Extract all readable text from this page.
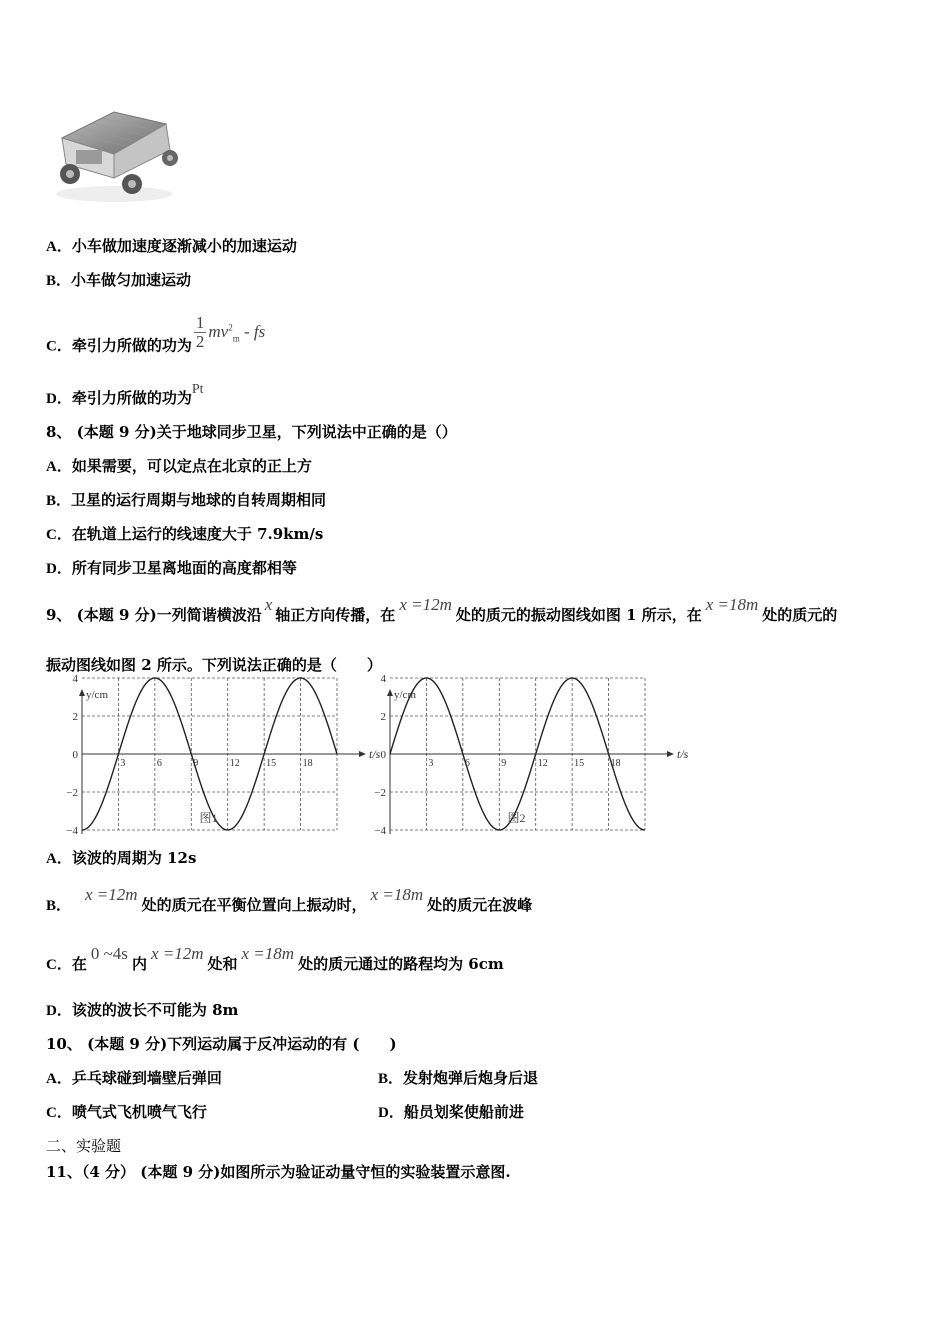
A．小车做加速度逐渐减小的加速运动
B．小车做匀加速运动
C．牵引力所做的功为 $\frac{1}{2} mv^2_m$ - fs
D．牵引力所做的功为Pt
8、 (本题 9 分)关于地球同步卫星，下列说法中正确的是（）
A．如果需要，可以定点在北京的正上方
B．卫星的运行周期与地球的自转周期相同
C．在轨道上运行的线速度大于 7.9km/s
D．所有同步卫星离地面的高度都相等
9、 (本题 9 分)一列简谐横波沿x轴正方向传播，在x =12m处的质元的振动图线如图 1 所示，在x =18m处的质元的
振动图线如图 2 所示。下列说法正确的是（　　）
y/cm
4
2
0
−2
−4
3	6	9	12	15	18
t/s
图1
y/cm
4
2
0
−2
−4
3	6	9	12	15	18
t/s
图2
A．该波的周期为 12s
B．x =12m处的质元在平衡位置向上振动时，x =18m处的质元在波峰
C．在0 ~4s内x =12m处和x =18m处的质元通过的路程均为 6cm
D．该波的波长不可能为 8m
10、 (本题 9 分)下列运动属于反冲运动的有 (　　)
A．乒乓球碰到墙壁后弹回	B．发射炮弹后炮身后退
C．喷气式飞机喷气飞行	D．船员划桨使船前进
二、实验题
11、（4 分） (本题 9 分)如图所示为验证动量守恒的实验装置示意图.
